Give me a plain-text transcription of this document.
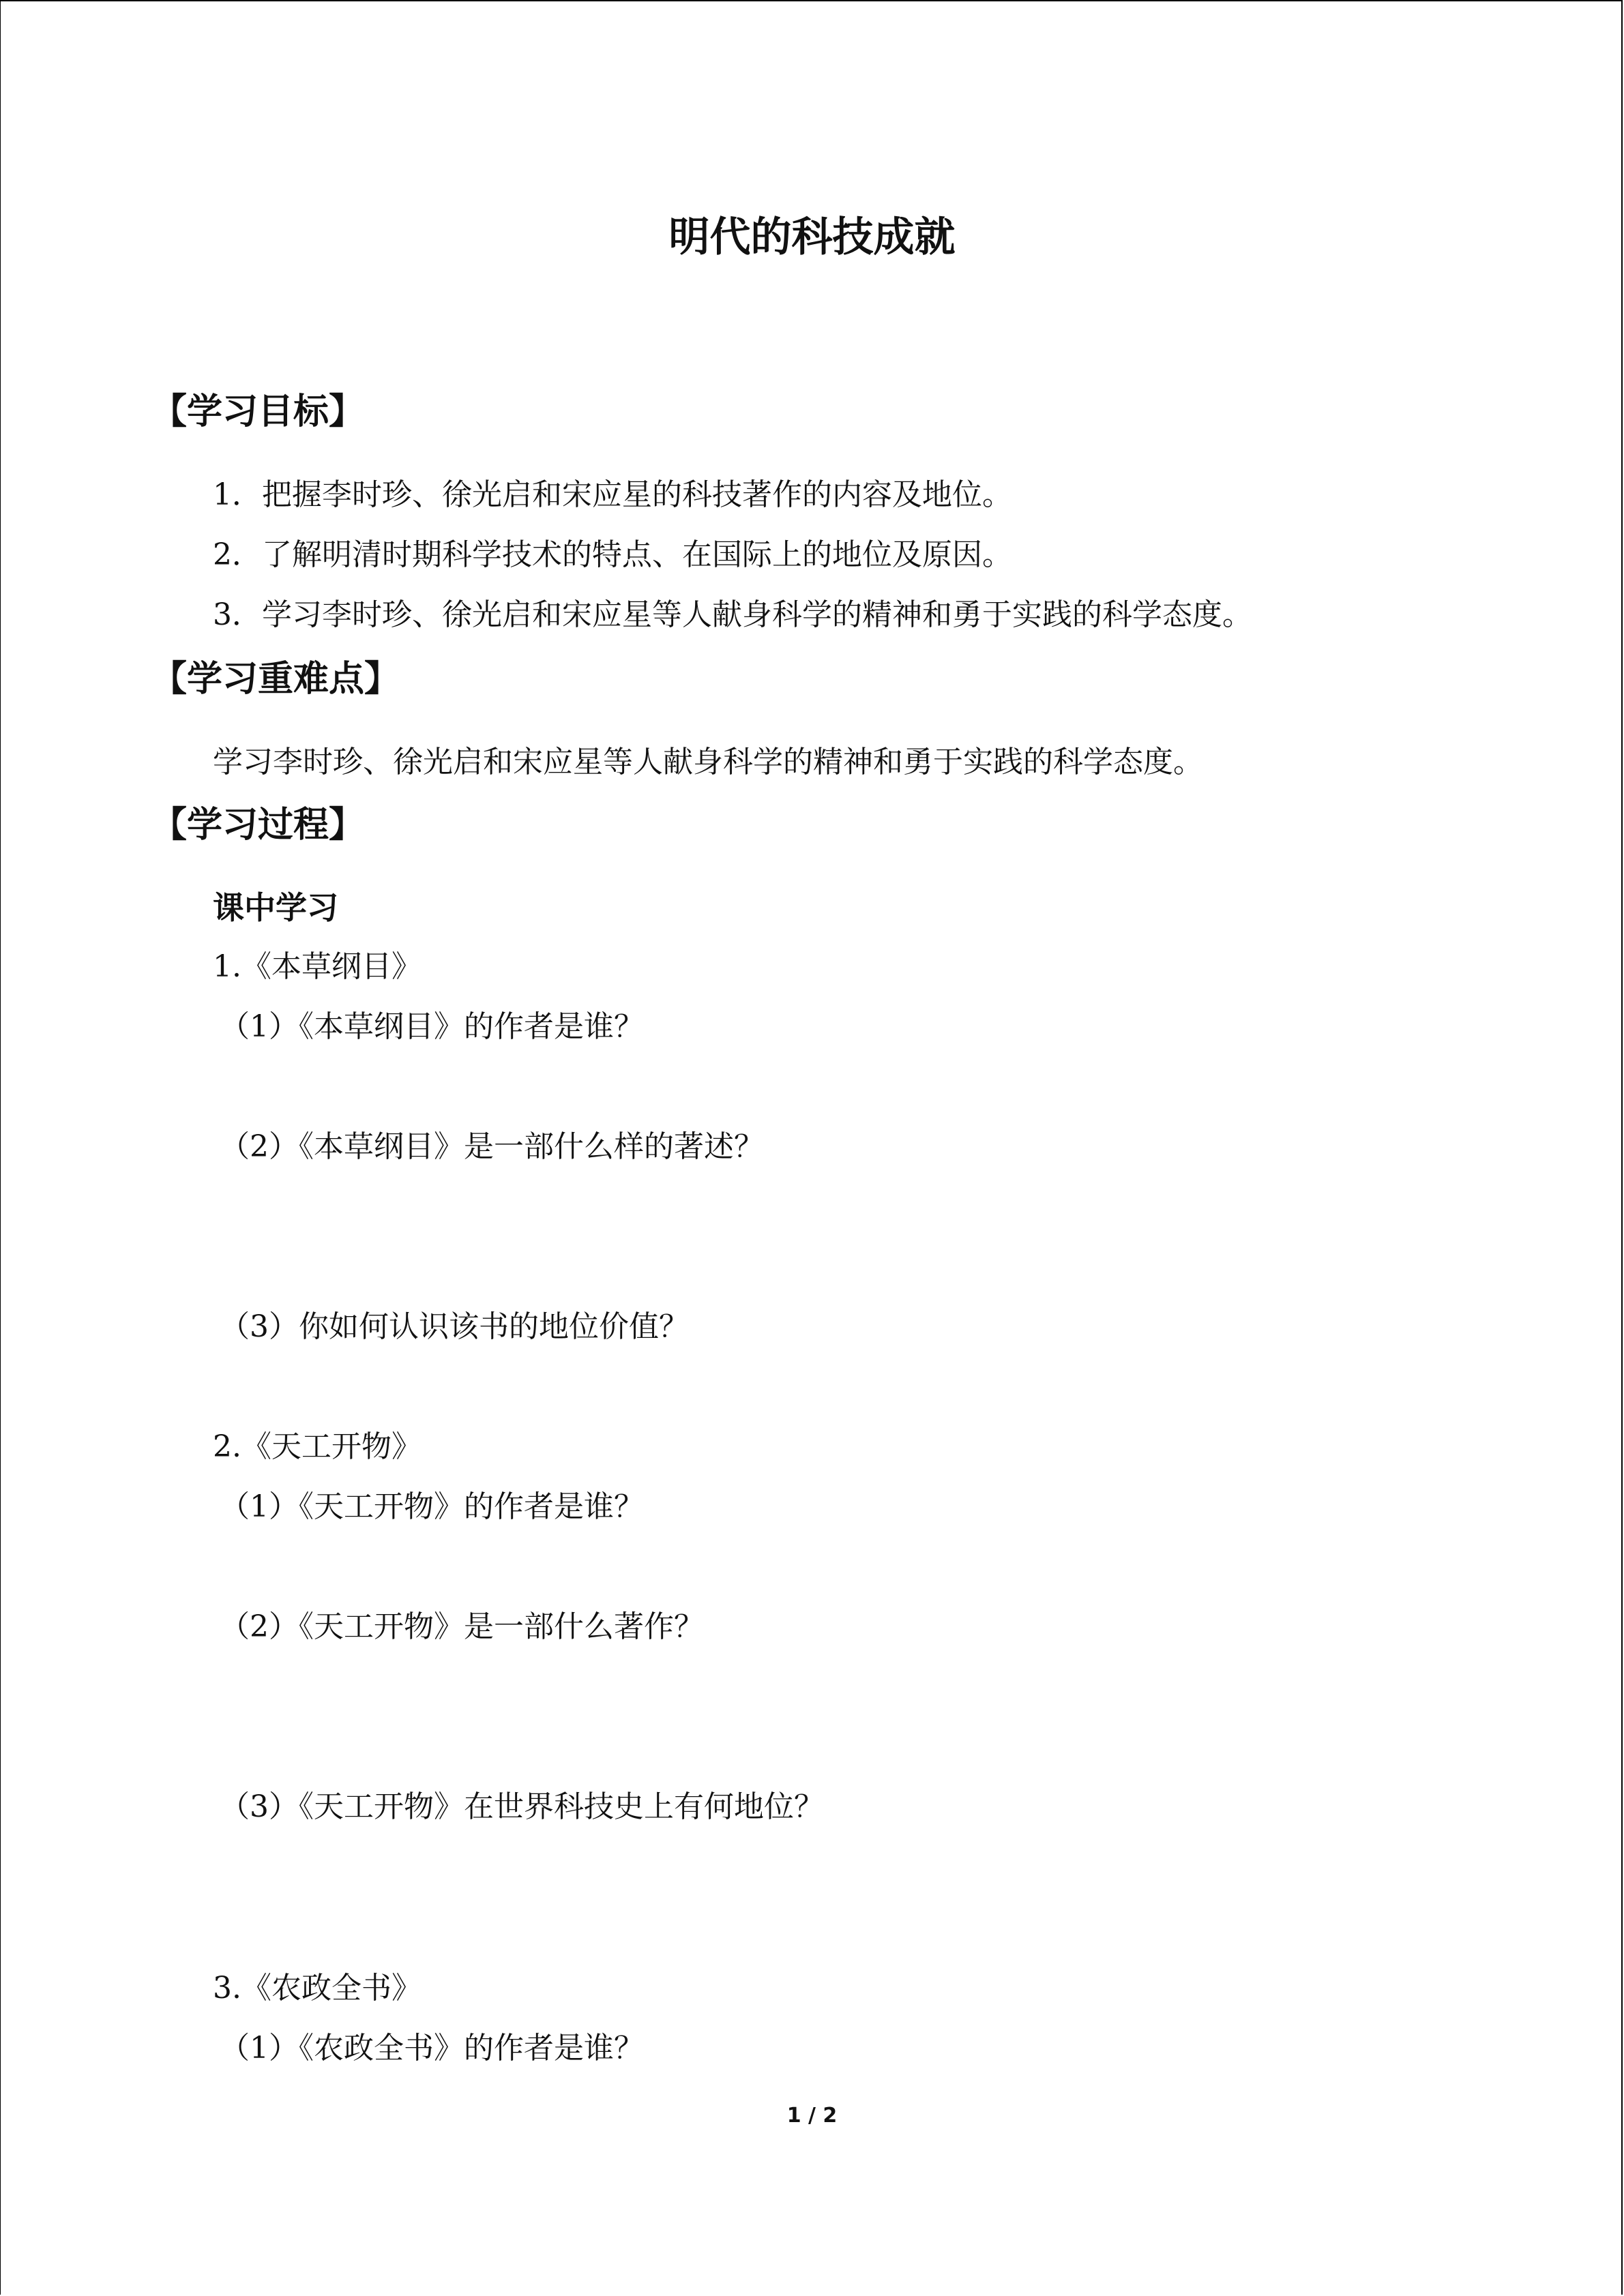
明代的科技成就
【学习目标】
1．把握李时珍、徐光启和宋应星的科技著作的内容及地位。
2．了解明清时期科学技术的特点、在国际上的地位及原因。
3．学习李时珍、徐光启和宋应星等人献身科学的精神和勇于实践的科学态度。
【学习重难点】
学习李时珍、徐光启和宋应星等人献身科学的精神和勇于实践的科学态度。
【学习过程】
课中学习
1.《本草纲目》
（1）《本草纲目》的作者是谁？
（2）《本草纲目》是一部什么样的著述？
（3）你如何认识该书的地位价值？
2.《天工开物》
（1）《天工开物》的作者是谁？
（2）《天工开物》是一部什么著作？
（3）《天工开物》在世界科技史上有何地位？
3.《农政全书》
（1）《农政全书》的作者是谁？
1 / 2
